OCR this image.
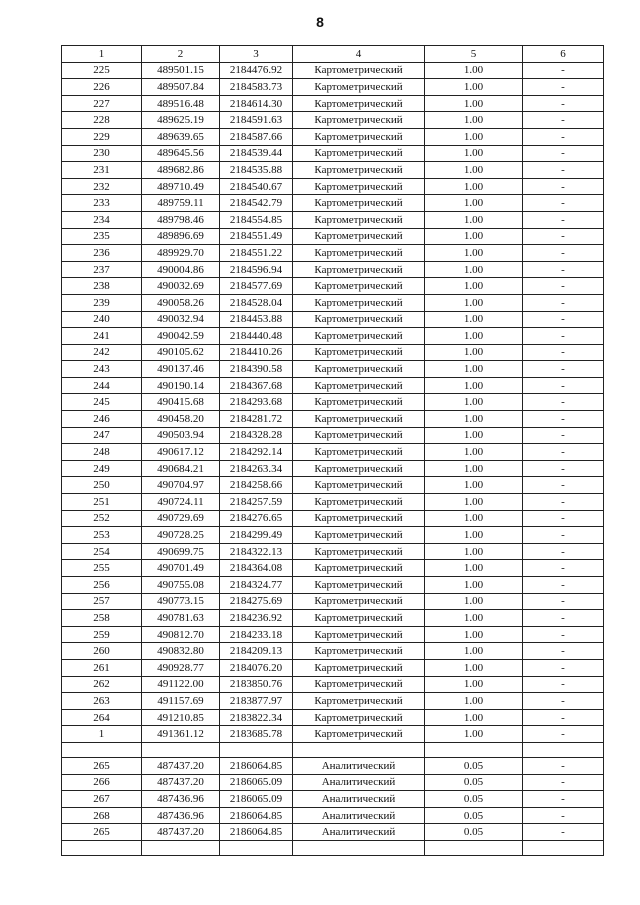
8
1	2	3	4	5	6
225	489501.15	2184476.92	Картометрический	1.00	-
226	489507.84	2184583.73	Картометрический	1.00	-
227	489516.48	2184614.30	Картометрический	1.00	-
228	489625.19	2184591.63	Картометрический	1.00	-
229	489639.65	2184587.66	Картометрический	1.00	-
230	489645.56	2184539.44	Картометрический	1.00	-
231	489682.86	2184535.88	Картометрический	1.00	-
232	489710.49	2184540.67	Картометрический	1.00	-
233	489759.11	2184542.79	Картометрический	1.00	-
234	489798.46	2184554.85	Картометрический	1.00	-
235	489896.69	2184551.49	Картометрический	1.00	-
236	489929.70	2184551.22	Картометрический	1.00	-
237	490004.86	2184596.94	Картометрический	1.00	-
238	490032.69	2184577.69	Картометрический	1.00	-
239	490058.26	2184528.04	Картометрический	1.00	-
240	490032.94	2184453.88	Картометрический	1.00	-
241	490042.59	2184440.48	Картометрический	1.00	-
242	490105.62	2184410.26	Картометрический	1.00	-
243	490137.46	2184390.58	Картометрический	1.00	-
244	490190.14	2184367.68	Картометрический	1.00	-
245	490415.68	2184293.68	Картометрический	1.00	-
246	490458.20	2184281.72	Картометрический	1.00	-
247	490503.94	2184328.28	Картометрический	1.00	-
248	490617.12	2184292.14	Картометрический	1.00	-
249	490684.21	2184263.34	Картометрический	1.00	-
250	490704.97	2184258.66	Картометрический	1.00	-
251	490724.11	2184257.59	Картометрический	1.00	-
252	490729.69	2184276.65	Картометрический	1.00	-
253	490728.25	2184299.49	Картометрический	1.00	-
254	490699.75	2184322.13	Картометрический	1.00	-
255	490701.49	2184364.08	Картометрический	1.00	-
256	490755.08	2184324.77	Картометрический	1.00	-
257	490773.15	2184275.69	Картометрический	1.00	-
258	490781.63	2184236.92	Картометрический	1.00	-
259	490812.70	2184233.18	Картометрический	1.00	-
260	490832.80	2184209.13	Картометрический	1.00	-
261	490928.77	2184076.20	Картометрический	1.00	-
262	491122.00	2183850.76	Картометрический	1.00	-
263	491157.69	2183877.97	Картометрический	1.00	-
264	491210.85	2183822.34	Картометрический	1.00	-
1	491361.12	2183685.78	Картометрический	1.00	-

265	487437.20	2186064.85	Аналитический	0.05	-
266	487437.20	2186065.09	Аналитический	0.05	-
267	487436.96	2186065.09	Аналитический	0.05	-
268	487436.96	2186064.85	Аналитический	0.05	-
265	487437.20	2186064.85	Аналитический	0.05	-
